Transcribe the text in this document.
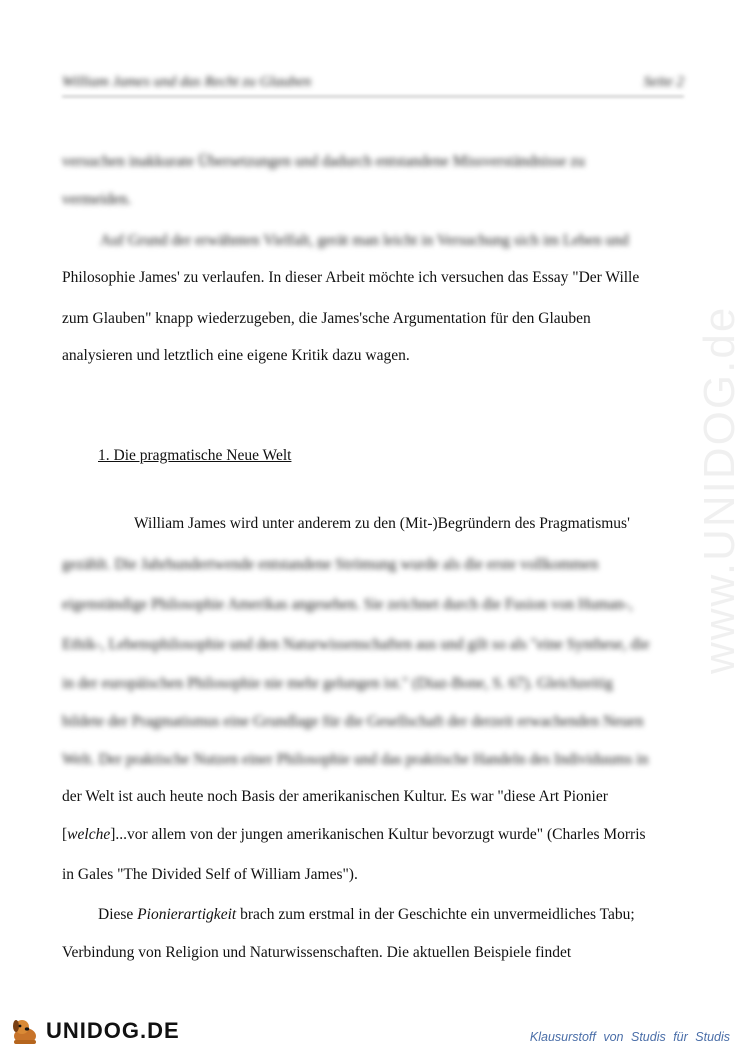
William James und das Recht zu Glauben	Seite 2
www.UNIDOG.de
versuchen inakkurate Übersetzungen und dadurch entstandene Missverständnisse zu
vermeiden.
Auf Grund der erwähnten Vielfalt, gerät man leicht in Versuchung sich im Leben und
Philosophie James' zu verlaufen. In dieser Arbeit möchte ich versuchen das Essay "Der Wille
zum Glauben" knapp wiederzugeben, die James'sche Argumentation für den Glauben
analysieren und letztlich eine eigene Kritik dazu wagen.
1. Die pragmatische Neue Welt
William James wird unter anderem zu den (Mit-)Begründern des Pragmatismus'
gezählt. Die Jahrhundertwende entstandene Strömung wurde als die erste vollkommen
eigenständige Philosophie Amerikas angesehen. Sie zeichnet durch die Fusion von Human-,
Ethik-, Lebensphilosophie und den Naturwissenschaften aus und gilt so als "eine Synthese, die
in der europäischen Philosophie nie mehr gelungen ist." (Diaz-Bone, S. 67). Gleichzeitig
bildete der Pragmatismus eine Grundlage für die Gesellschaft der derzeit erwachenden Neuen
Welt. Der praktische Nutzen einer Philosophie und das praktische Handeln des Individuums in
der Welt ist auch heute noch Basis der amerikanischen Kultur. Es war "diese Art Pionier
[welche]...vor allem von der jungen amerikanischen Kultur bevorzugt wurde" (Charles Morris
in Gales "The Divided Self of William James").
Diese Pionierartigkeit brach zum erstmal in der Geschichte ein unvermeidliches Tabu;
Verbindung von Religion und Naturwissenschaften. Die aktuellen Beispiele findet
UNIDOG.DE	Klausurstoff von Studis für Studis
